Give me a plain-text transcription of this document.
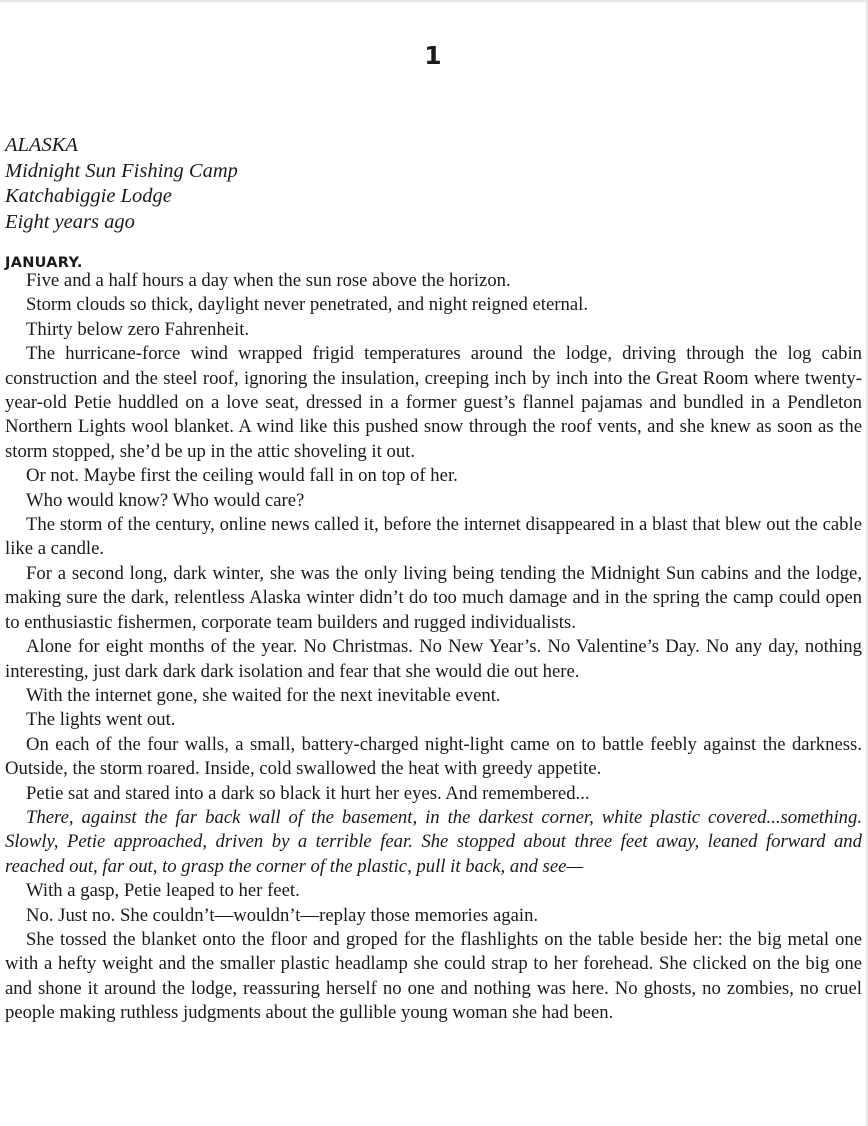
1
ALASKA
Midnight Sun Fishing Camp
Katchabiggie Lodge
Eight years ago
JANUARY.

Five and a half hours a day when the sun rose above the horizon.

Storm clouds so thick, daylight never penetrated, and night reigned eternal.

Thirty below zero Fahrenheit.

The hurricane-force wind wrapped frigid temperatures around the lodge, driving through the log cabin construction and the steel roof, ignoring the insulation, creeping inch by inch into the Great Room where twenty-year-old Petie huddled on a love seat, dressed in a former guest’s flannel pajamas and bundled in a Pendleton Northern Lights wool blanket. A wind like this pushed snow through the roof vents, and she knew as soon as the storm stopped, she’d be up in the attic shoveling it out.

Or not. Maybe first the ceiling would fall in on top of her.

Who would know? Who would care?

The storm of the century, online news called it, before the internet disappeared in a blast that blew out the cable like a candle.

For a second long, dark winter, she was the only living being tending the Midnight Sun cabins and the lodge, making sure the dark, relentless Alaska winter didn’t do too much damage and in the spring the camp could open to enthusiastic fishermen, corporate team builders and rugged individualists.

Alone for eight months of the year. No Christmas. No New Year’s. No Valentine’s Day. No any day, nothing interesting, just dark dark dark isolation and fear that she would die out here.

With the internet gone, she waited for the next inevitable event.

The lights went out.

On each of the four walls, a small, battery-charged night-light came on to battle feebly against the darkness. Outside, the storm roared. Inside, cold swallowed the heat with greedy appetite.

Petie sat and stared into a dark so black it hurt her eyes. And remembered...

There, against the far back wall of the basement, in the darkest corner, white plastic covered...something. Slowly, Petie approached, driven by a terrible fear. She stopped about three feet away, leaned forward and reached out, far out, to grasp the corner of the plastic, pull it back, and see—

With a gasp, Petie leaped to her feet.

No. Just no. She couldn’t—wouldn’t—replay those memories again.

She tossed the blanket onto the floor and groped for the flashlights on the table beside her: the big metal one with a hefty weight and the smaller plastic headlamp she could strap to her forehead. She clicked on the big one and shone it around the lodge, reassuring herself no one and nothing was here. No ghosts, no zombies, no cruel people making ruthless judgments about the gullible young woman she had been.
